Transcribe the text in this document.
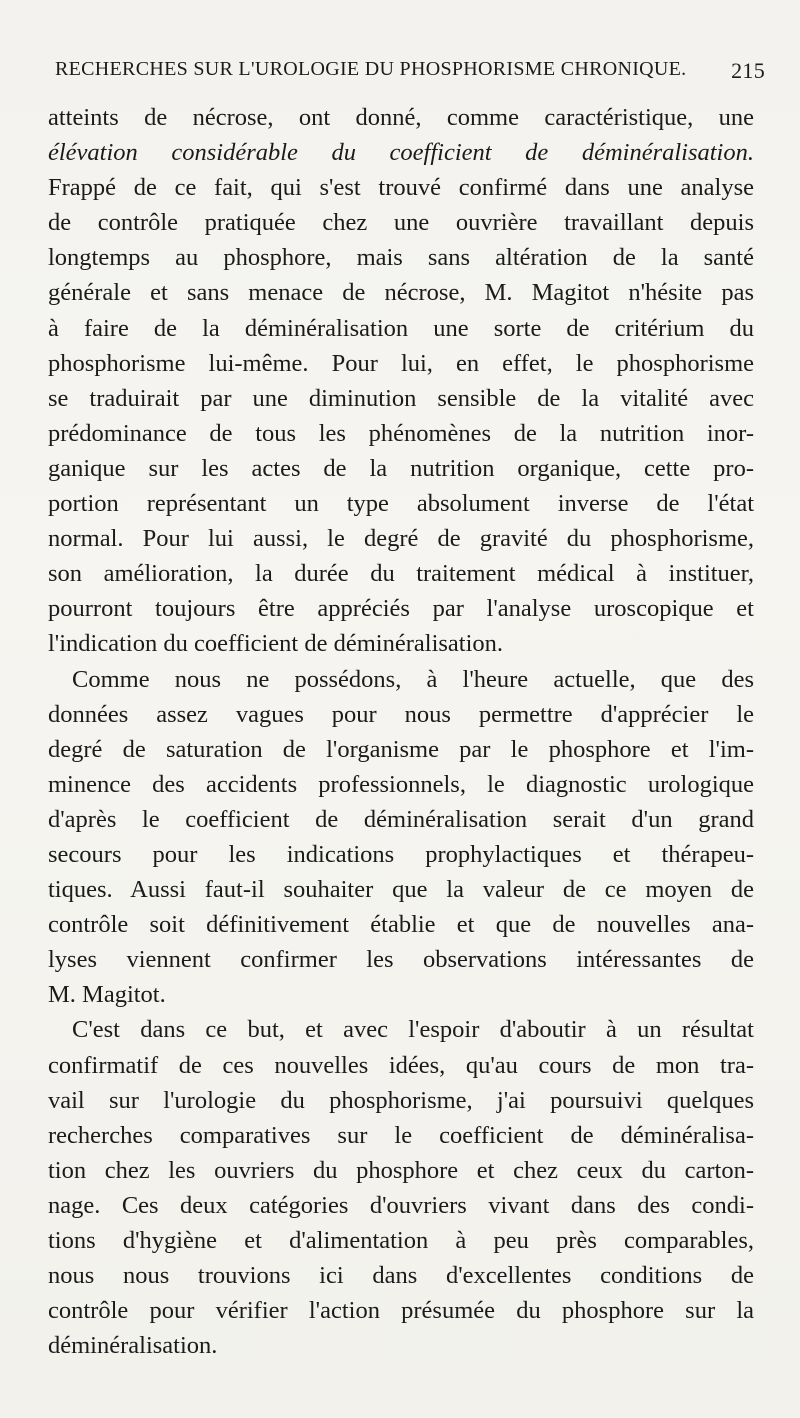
RECHERCHES SUR L'UROLOGIE DU PHOSPHORISME CHRONIQUE. 215
atteints de nécrose, ont donné, comme caractéristique, une
élévation considérable du coefficient de déminéralisation.
Frappé de ce fait, qui s'est trouvé confirmé dans une analyse
de contrôle pratiquée chez une ouvrière travaillant depuis
longtemps au phosphore, mais sans altération de la santé
générale et sans menace de nécrose, M. Magitot n'hésite pas
à faire de la déminéralisation une sorte de critérium du
phosphorisme lui-même. Pour lui, en effet, le phosphorisme
se traduirait par une diminution sensible de la vitalité avec
prédominance de tous les phénomènes de la nutrition inor-
ganique sur les actes de la nutrition organique, cette pro-
portion représentant un type absolument inverse de l'état
normal. Pour lui aussi, le degré de gravité du phosphorisme,
son amélioration, la durée du traitement médical à instituer,
pourront toujours être appréciés par l'analyse uroscopique et
l'indication du coefficient de déminéralisation.
Comme nous ne possédons, à l'heure actuelle, que des
données assez vagues pour nous permettre d'apprécier le
degré de saturation de l'organisme par le phosphore et l'im-
minence des accidents professionnels, le diagnostic urologique
d'après le coefficient de déminéralisation serait d'un grand
secours pour les indications prophylactiques et thérapeu-
tiques. Aussi faut-il souhaiter que la valeur de ce moyen de
contrôle soit définitivement établie et que de nouvelles ana-
lyses viennent confirmer les observations intéressantes de
M. Magitot.
C'est dans ce but, et avec l'espoir d'aboutir à un résultat
confirmatif de ces nouvelles idées, qu'au cours de mon tra-
vail sur l'urologie du phosphorisme, j'ai poursuivi quelques
recherches comparatives sur le coefficient de déminéralisa-
tion chez les ouvriers du phosphore et chez ceux du carton-
nage. Ces deux catégories d'ouvriers vivant dans des condi-
tions d'hygiène et d'alimentation à peu près comparables,
nous nous trouvions ici dans d'excellentes conditions de
contrôle pour vérifier l'action présumée du phosphore sur la
déminéralisation.
